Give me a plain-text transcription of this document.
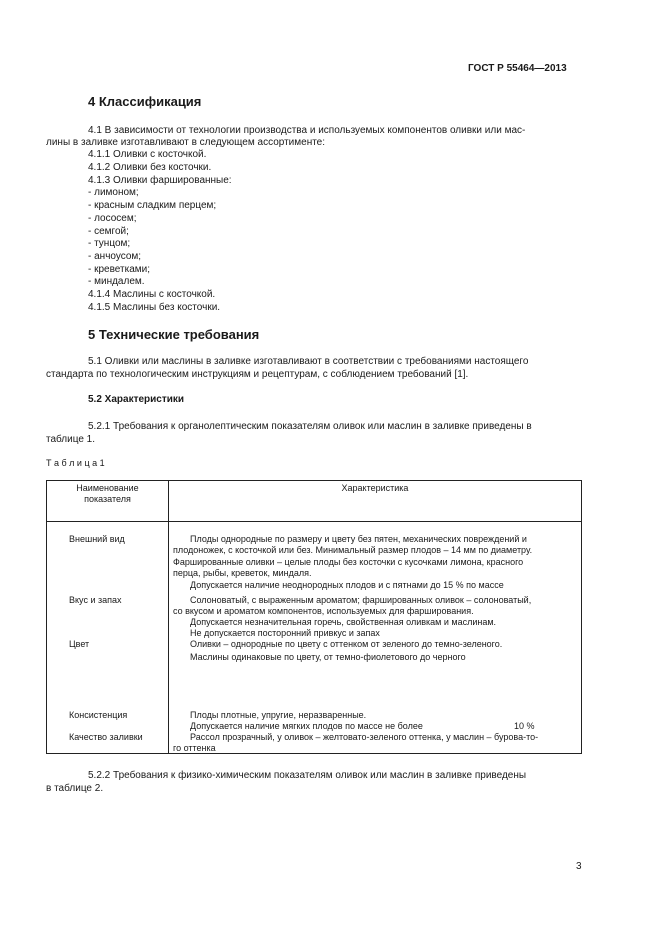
ГОСТ Р 55464—2013
4 Классификация
4.1 В зависимости от технологии производства и используемых компонентов оливки или мас-
лины в заливке изготавливают в следующем ассортименте:
4.1.1 Оливки с косточкой.
4.1.2 Оливки без косточки.
4.1.3 Оливки фаршированные:
- лимоном;
- красным сладким перцем;
- лососем;
- семгой;
- тунцом;
- анчоусом;
- креветками;
- миндалем.
4.1.4 Маслины с косточкой.
4.1.5 Маслины без косточки.
5 Технические требования
5.1 Оливки или маслины в заливке изготавливают в соответствии с требованиями настоящего
стандарта по технологическим инструкциям и рецептурам, с соблюдением требований [1].
5.2 Характеристики
5.2.1 Требования к органолептическим показателям оливок или маслин в заливке приведены в
таблице 1.
Т а б л и ц а 1
Наименование
показателя
Характеристика
Внешний вид
Вкус и запах
Цвет
Консистенция
Качество заливки
Плоды однородные по размеру и цвету без пятен, механических повреждений и
плодоножек, с косточкой или без. Минимальный размер плодов – 14 мм по диаметру.
Фаршированные оливки – целые плоды без косточки с кусочками лимона, красного
перца, рыбы, креветок, миндаля.
Допускается наличие неоднородных плодов и с пятнами до 15 % по массе
Солоноватый, с выраженным ароматом; фаршированных оливок – солоноватый,
со вкусом и ароматом компонентов, используемых для фарширования.
Допускается незначительная горечь, свойственная оливкам и маслинам.
Не допускается посторонний привкус и запах
Оливки – однородные по цвету с оттенком от зеленого до темно-зеленого.
Маслины одинаковые по цвету, от темно-фиолетового до черного
Плоды плотные, упругие, неразваренные.
Допускается наличие мягких плодов по массе не более	10 %
Рассол прозрачный, у оливок – желтовато-зеленого оттенка, у маслин – бурова-то-
го оттенка
5.2.2 Требования к физико-химическим показателям оливок или маслин в заливке приведены
в таблице 2.
3
